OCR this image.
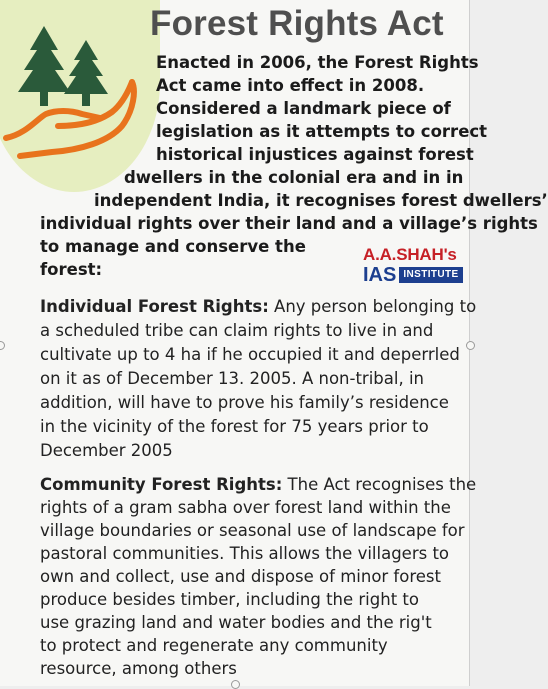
Forest Rights Act
Enacted in 2006, the Forest Rights
Act came into effect in 2008.
Considered a landmark piece of
legislation as it attempts to correct
historical injustices against forest
dwellers in the colonial era and in in
independent India, it recognises forest dwellers’
individual rights over their land and a village’s rights
to manage and conserve the
forest:
A.A.SHAH's
IAS INSTITUTE
Individual Forest Rights: Any person belonging to
a scheduled tribe can claim rights to live in and
cultivate up to 4 ha if he occupied it and deperrled
on it as of December 13. 2005. A non-tribal, in
addition, will have to prove his family’s residence
in the vicinity of the forest for 75 years prior to
December 2005
Community Forest Rights: The Act recognises the
rights of a gram sabha over forest land within the
village boundaries or seasonal use of landscape for
pastoral communities. This allows the villagers to
own and collect, use and dispose of minor forest
produce besides timber, including the right to
use grazing land and water bodies and the rig't
to protect and regenerate any community
resource, among others
